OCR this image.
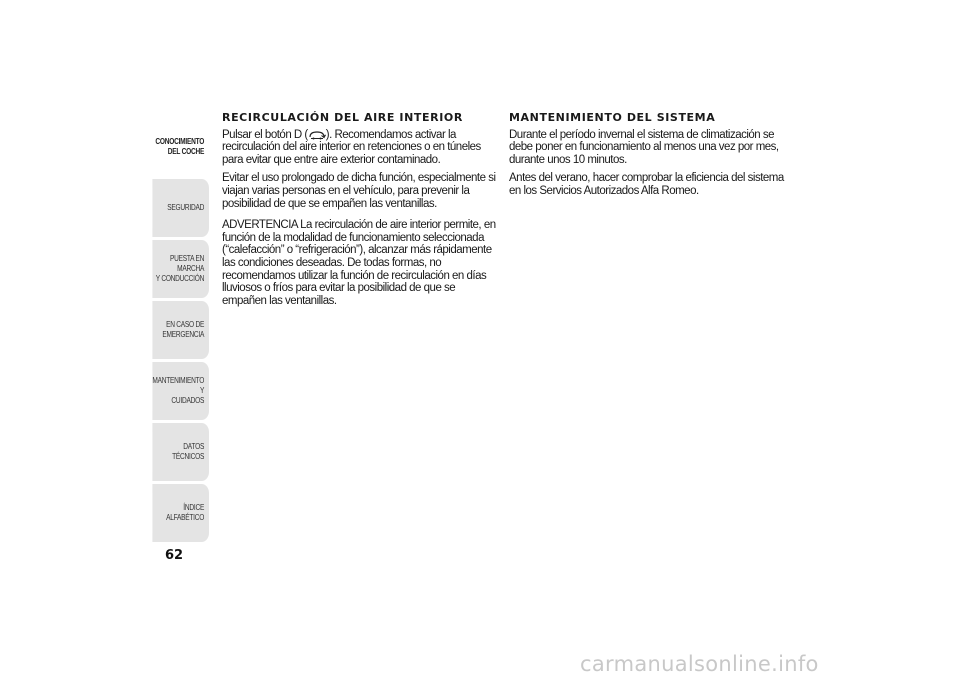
CONOCIMIENTO
DEL COCHE
SEGURIDAD
PUESTA EN MARCHA
Y CONDUCCIÓN
EN CASO DE
EMERGENCIA
MANTENIMIENTO Y
CUIDADOS
DATOS TÉCNICOS
ÍNDICE ALFABÉTICO
62
RECIRCULACIÓN DEL AIRE INTERIOR

Pulsar el botón D ( ). Recomendamos activar la recirculación del aire interior en retenciones o en túneles para evitar que entre aire exterior contaminado.

Evitar el uso prolongado de dicha función, especialmente si viajan varias personas en el vehículo, para prevenir la posibilidad de que se empañen las ventanillas.

ADVERTENCIA La recirculación de aire interior permite, en función de la modalidad de funcionamiento seleccionada (“calefacción” o “refrigeración”), alcanzar más rápidamente las condiciones deseadas. De todas formas, no recomendamos utilizar la función de recirculación en días lluviosos o fríos para evitar la posibilidad de que se empañen las ventanillas.

MANTENIMIENTO DEL SISTEMA

Durante el período invernal el sistema de climatización se debe poner en funcionamiento al menos una vez por mes, durante unos 10 minutos.

Antes del verano, hacer comprobar la eficiencia del sistema en los Servicios Autorizados Alfa Romeo.

carmanualsonline.info
